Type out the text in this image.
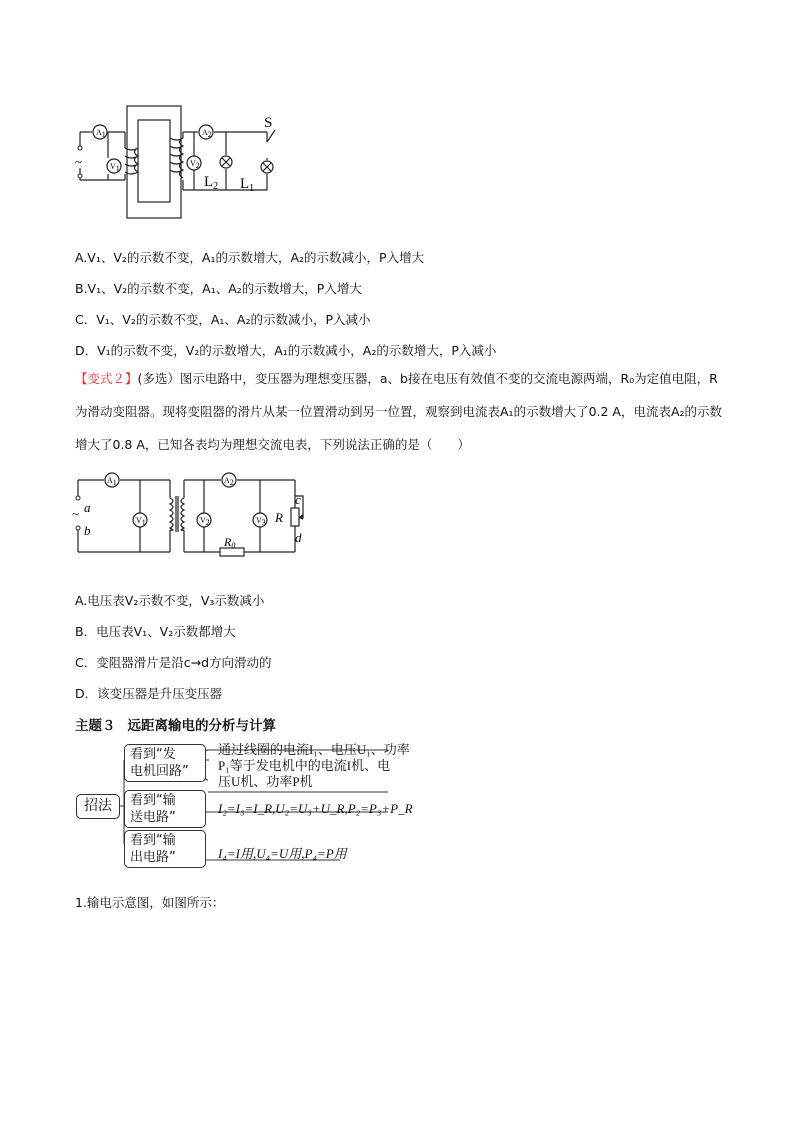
~
A1
V1
A2
V2
S
$L_2$ $L_1$
A.V₁、V₂的示数不变，A₁的示数增大，A₂的示数减小，P入增大
B.V₁、V₂的示数不变，A₁、A₂的示数增大，P入增大
C．V₁、V₂的示数不变，A₁、A₂的示数减小，P入减小
D．V₁的示数不变，V₂的示数增大，A₁的示数减小，A₂的示数增大，P入减小
【变式２】(多选）图示电路中，变压器为理想变压器，a、b接在电压有效值不变的交流电源两端，R₀为定值电阻，R为滑动变阻器。现将变阻器的滑片从某一位置滑动到另一位置，观察到电流表A₁的示数增大了0.2 A，电流表A₂的示数增大了0.8 A，已知各表均为理想交流电表，下列说法正确的是（　　）
~ a
b
A1	A2
V1	V2	V3
c
d
R
R0
A.电压表V₂示数不变，V₃示数减小
B．电压表V₁、V₂示数都增大
C．变阻器滑片是沿c→d方向滑动的
D．该变压器是升压变压器
主题３ 远距离输电的分析与计算
招法
看到“发
电机回路”
看到“输
送电路”
看到“输
出电路”
通过线圈的电流I₁、电压U₁、功率
P₁等于发电机中的电流I机、电
压U机、功率P机
I₂=I₃=I_R,U₂=U₃+U_R,P₂=P₃+P_R
I₄=I用,U₄=U用,P₄=P用
1.输电示意图，如图所示：
